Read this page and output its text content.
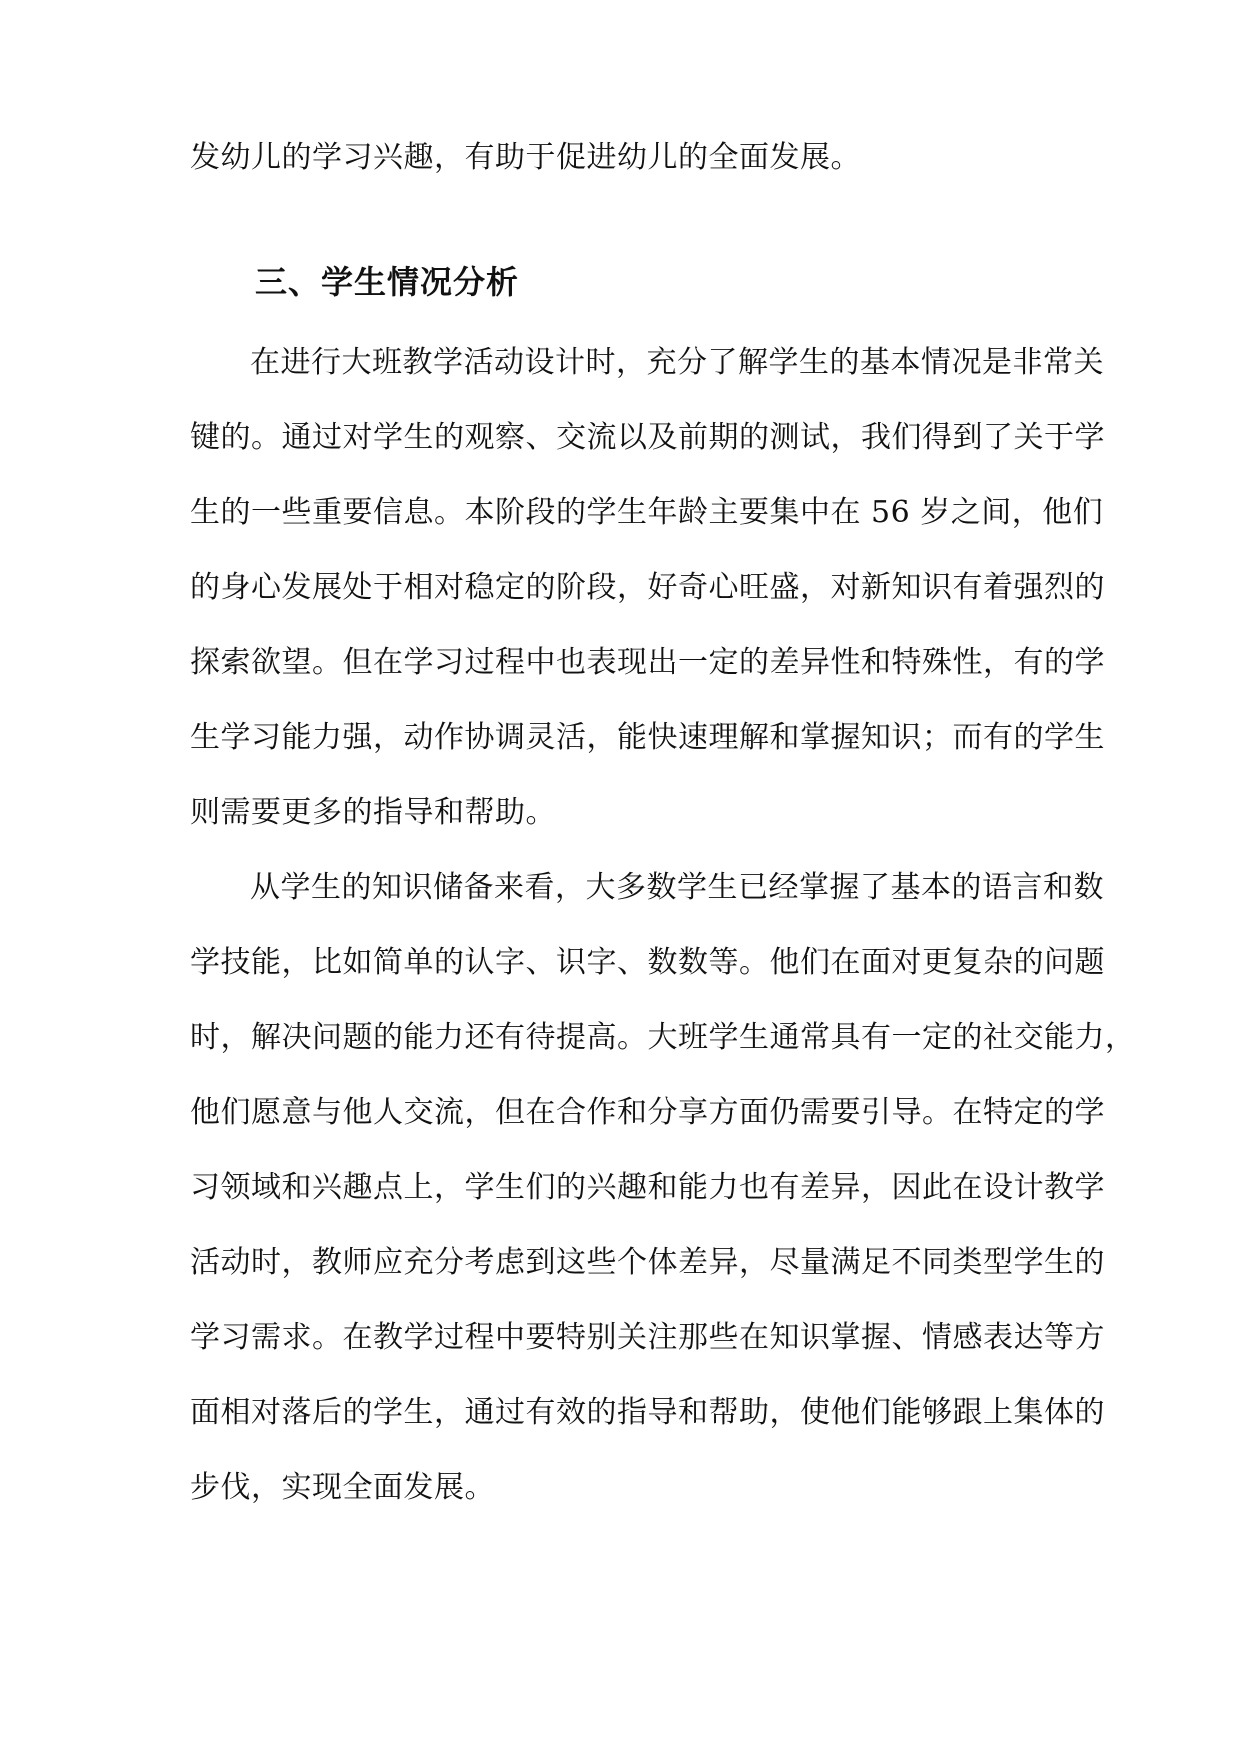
发幼儿的学习兴趣，有助于促进幼儿的全面发展。
三、学生情况分析
在进行大班教学活动设计时，充分了解学生的基本情况是非常关
键的。通过对学生的观察、交流以及前期的测试，我们得到了关于学
生的一些重要信息。本阶段的学生年龄主要集中在 56 岁之间，他们
的身心发展处于相对稳定的阶段，好奇心旺盛，对新知识有着强烈的
探索欲望。但在学习过程中也表现出一定的差异性和特殊性，有的学
生学习能力强，动作协调灵活，能快速理解和掌握知识；而有的学生
则需要更多的指导和帮助。
从学生的知识储备来看，大多数学生已经掌握了基本的语言和数
学技能，比如简单的认字、识字、数数等。他们在面对更复杂的问题
时，解决问题的能力还有待提高。大班学生通常具有一定的社交能力，
他们愿意与他人交流，但在合作和分享方面仍需要引导。在特定的学
习领域和兴趣点上，学生们的兴趣和能力也有差异，因此在设计教学
活动时，教师应充分考虑到这些个体差异，尽量满足不同类型学生的
学习需求。在教学过程中要特别关注那些在知识掌握、情感表达等方
面相对落后的学生，通过有效的指导和帮助，使他们能够跟上集体的
步伐，实现全面发展。
